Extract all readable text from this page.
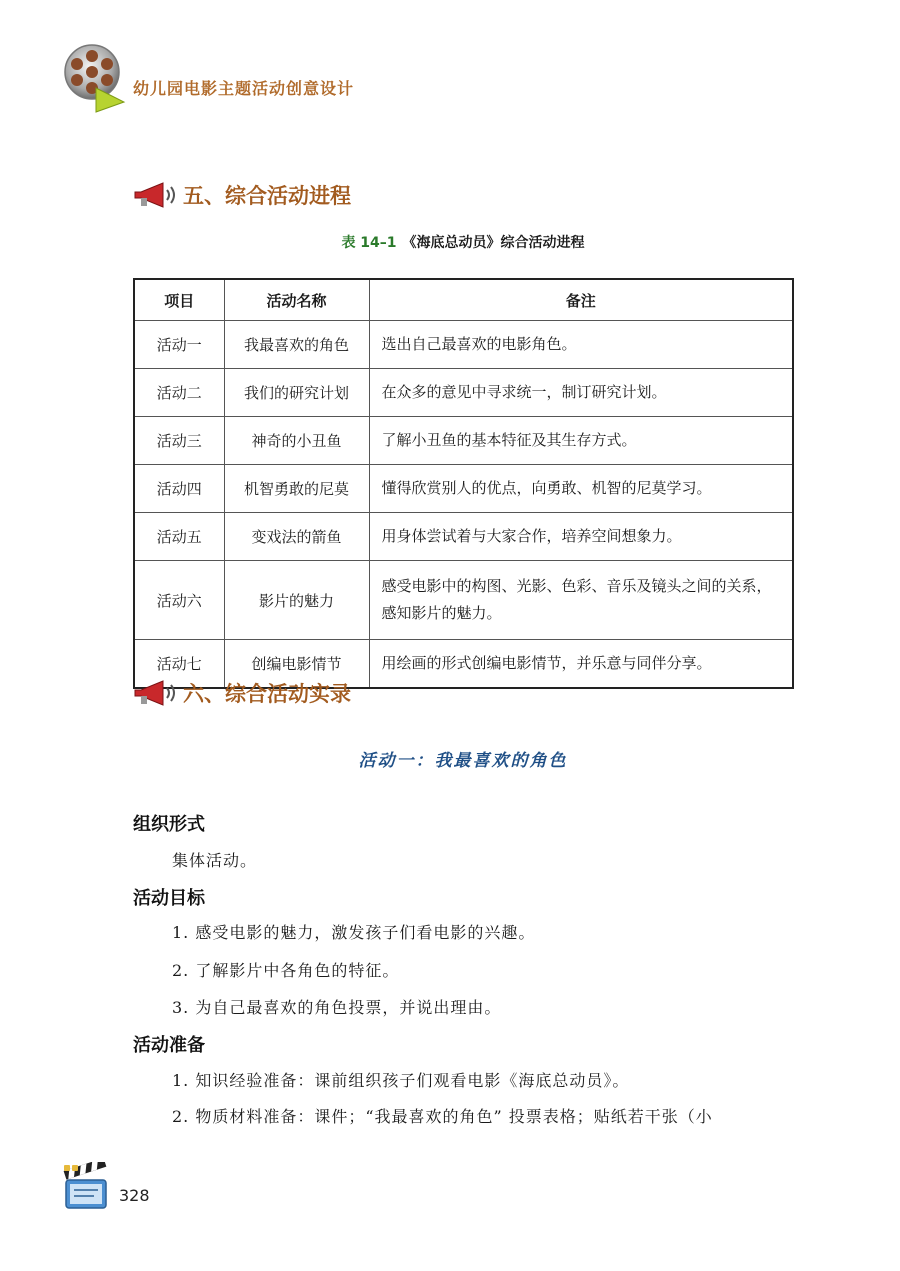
幼儿园电影主题活动创意设计
五、综合活动进程
表 14–1 《海底总动员》综合活动进程
项目	活动名称	备注
活动一	我最喜欢的角色	选出自己最喜欢的电影角色。
活动二	我们的研究计划	在众多的意见中寻求统一，制订研究计划。
活动三	神奇的小丑鱼	了解小丑鱼的基本特征及其生存方式。
活动四	机智勇敢的尼莫	懂得欣赏别人的优点，向勇敢、机智的尼莫学习。
活动五	变戏法的箭鱼	用身体尝试着与大家合作，培养空间想象力。
活动六	影片的魅力	感受电影中的构图、光影、色彩、音乐及镜头之间的关系，感知影片的魅力。
活动七	创编电影情节	用绘画的形式创编电影情节，并乐意与同伴分享。
六、综合活动实录
活动一：我最喜欢的角色
组织形式
集体活动。
活动目标
1. 感受电影的魅力，激发孩子们看电影的兴趣。
2. 了解影片中各角色的特征。
3. 为自己最喜欢的角色投票，并说出理由。
活动准备
1. 知识经验准备：课前组织孩子们观看电影《海底总动员》。
2. 物质材料准备：课件；“我最喜欢的角色” 投票表格；贴纸若干张（小
328
